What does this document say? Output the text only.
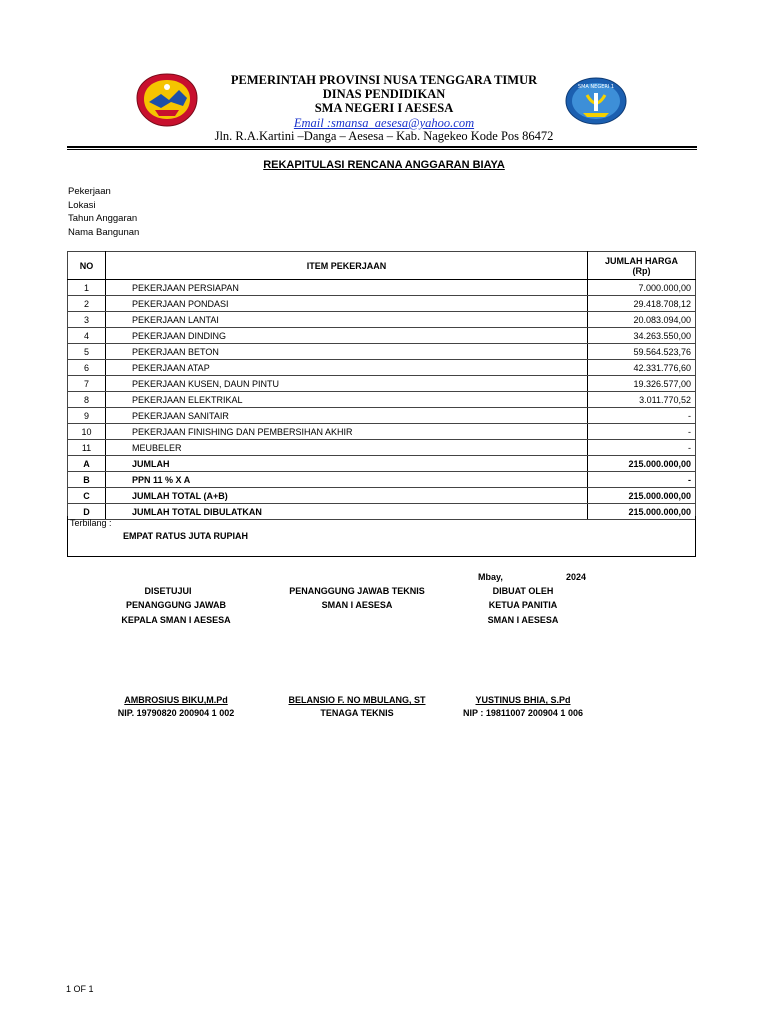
SMA NEGERI 1
PEMERINTAH PROVINSI NUSA TENGGARA TIMUR
DINAS PENDIDIKAN
SMA NEGERI I AESESA
Email :smansa_aesesa@yahoo.com
Jln. R.A.Kartini –Danga – Aesesa – Kab. Nagekeo Kode Pos 86472
REKAPITULASI RENCANA ANGGARAN BIAYA
Pekerjaan
Lokasi
Tahun Anggaran
Nama Bangunan
NO	ITEM PEKERJAAN	JUMLAH HARGA
(Rp)

1	PEKERJAAN PERSIAPAN	7.000.000,00
2	PEKERJAAN PONDASI	29.418.708,12
3	PEKERJAAN LANTAI	20.083.094,00
4	PEKERJAAN DINDING	34.263.550,00
5	PEKERJAAN BETON	59.564.523,76
6	PEKERJAAN ATAP	42.331.776,60
7	PEKERJAAN KUSEN, DAUN PINTU	19.326.577,00
8	PEKERJAAN ELEKTRIKAL	3.011.770,52
9	PEKERJAAN SANITAIR	-
10	PEKERJAAN FINISHING DAN PEMBERSIHAN AKHIR	-
11	MEUBELER	-
A	JUMLAH	215.000.000,00
B	PPN 11 % X A	-
C	JUMLAH TOTAL (A+B)	215.000.000,00
D	JUMLAH TOTAL DIBULATKAN	215.000.000,00
Terbilang :
EMPAT RATUS JUTA RUPIAH
Mbay,	2024
DISETUJUI
PENANGGUNG JAWAB
KEPALA SMAN I AESESA
AMBROSIUS BIKU,M.Pd
NIP. 19790820 200904 1 002
PENANGGUNG JAWAB TEKNIS
SMAN I AESESA
BELANSIO F. NO MBULANG, ST
TENAGA TEKNIS
DIBUAT OLEH
KETUA PANITIA
SMAN I AESESA
YUSTINUS BHIA, S.Pd
NIP : 19811007 200904 1 006
1 OF 1
